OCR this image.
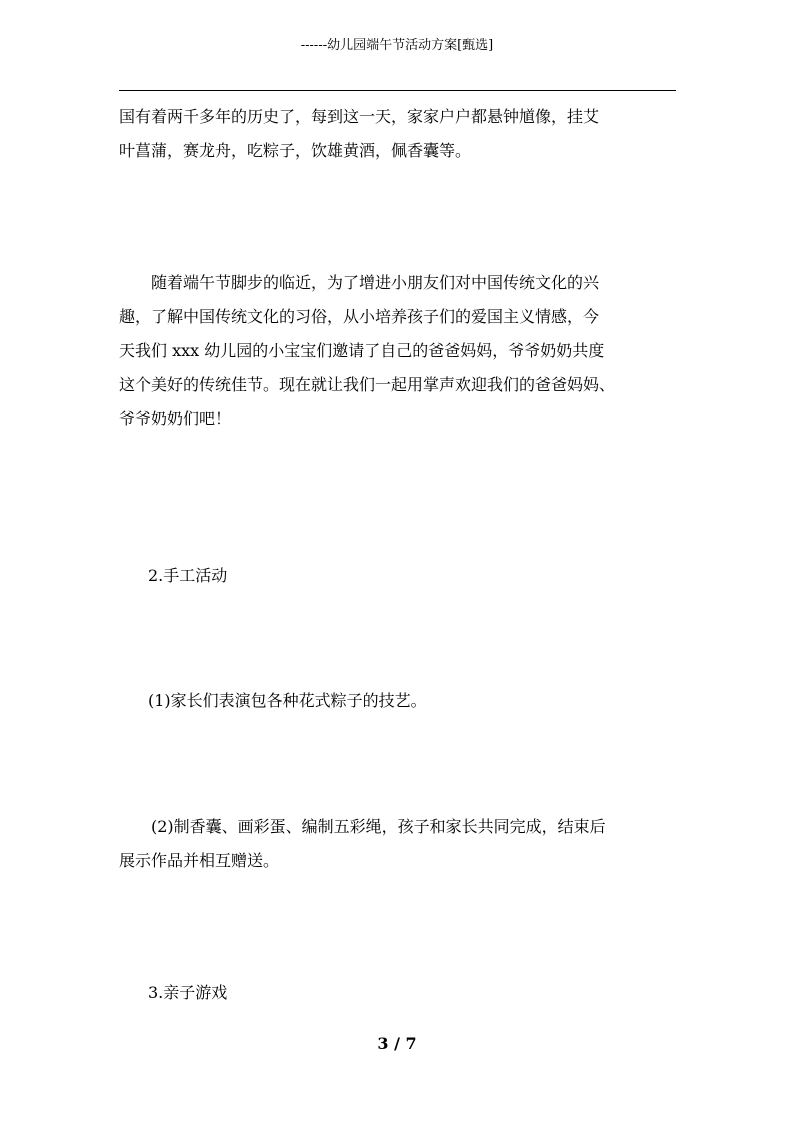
------幼儿园端午节活动方案[甄选]

国有着两千多年的历史了，每到这一天，家家户户都悬钟馗像，挂艾
叶菖蒲，赛龙舟，吃粽子，饮雄黄酒，佩香囊等。

　　随着端午节脚步的临近，为了增进小朋友们对中国传统文化的兴
趣，了解中国传统文化的习俗，从小培养孩子们的爱国主义情感，今
天我们 xxx 幼儿园的小宝宝们邀请了自己的爸爸妈妈，爷爷奶奶共度
这个美好的传统佳节。现在就让我们一起用掌声欢迎我们的爸爸妈妈、
爷爷奶奶们吧！

2.手工活动

(1)家长们表演包各种花式粽子的技艺。

　　(2)制香囊、画彩蛋、编制五彩绳，孩子和家长共同完成，结束后
展示作品并相互赠送。

3.亲子游戏

3 / 7
